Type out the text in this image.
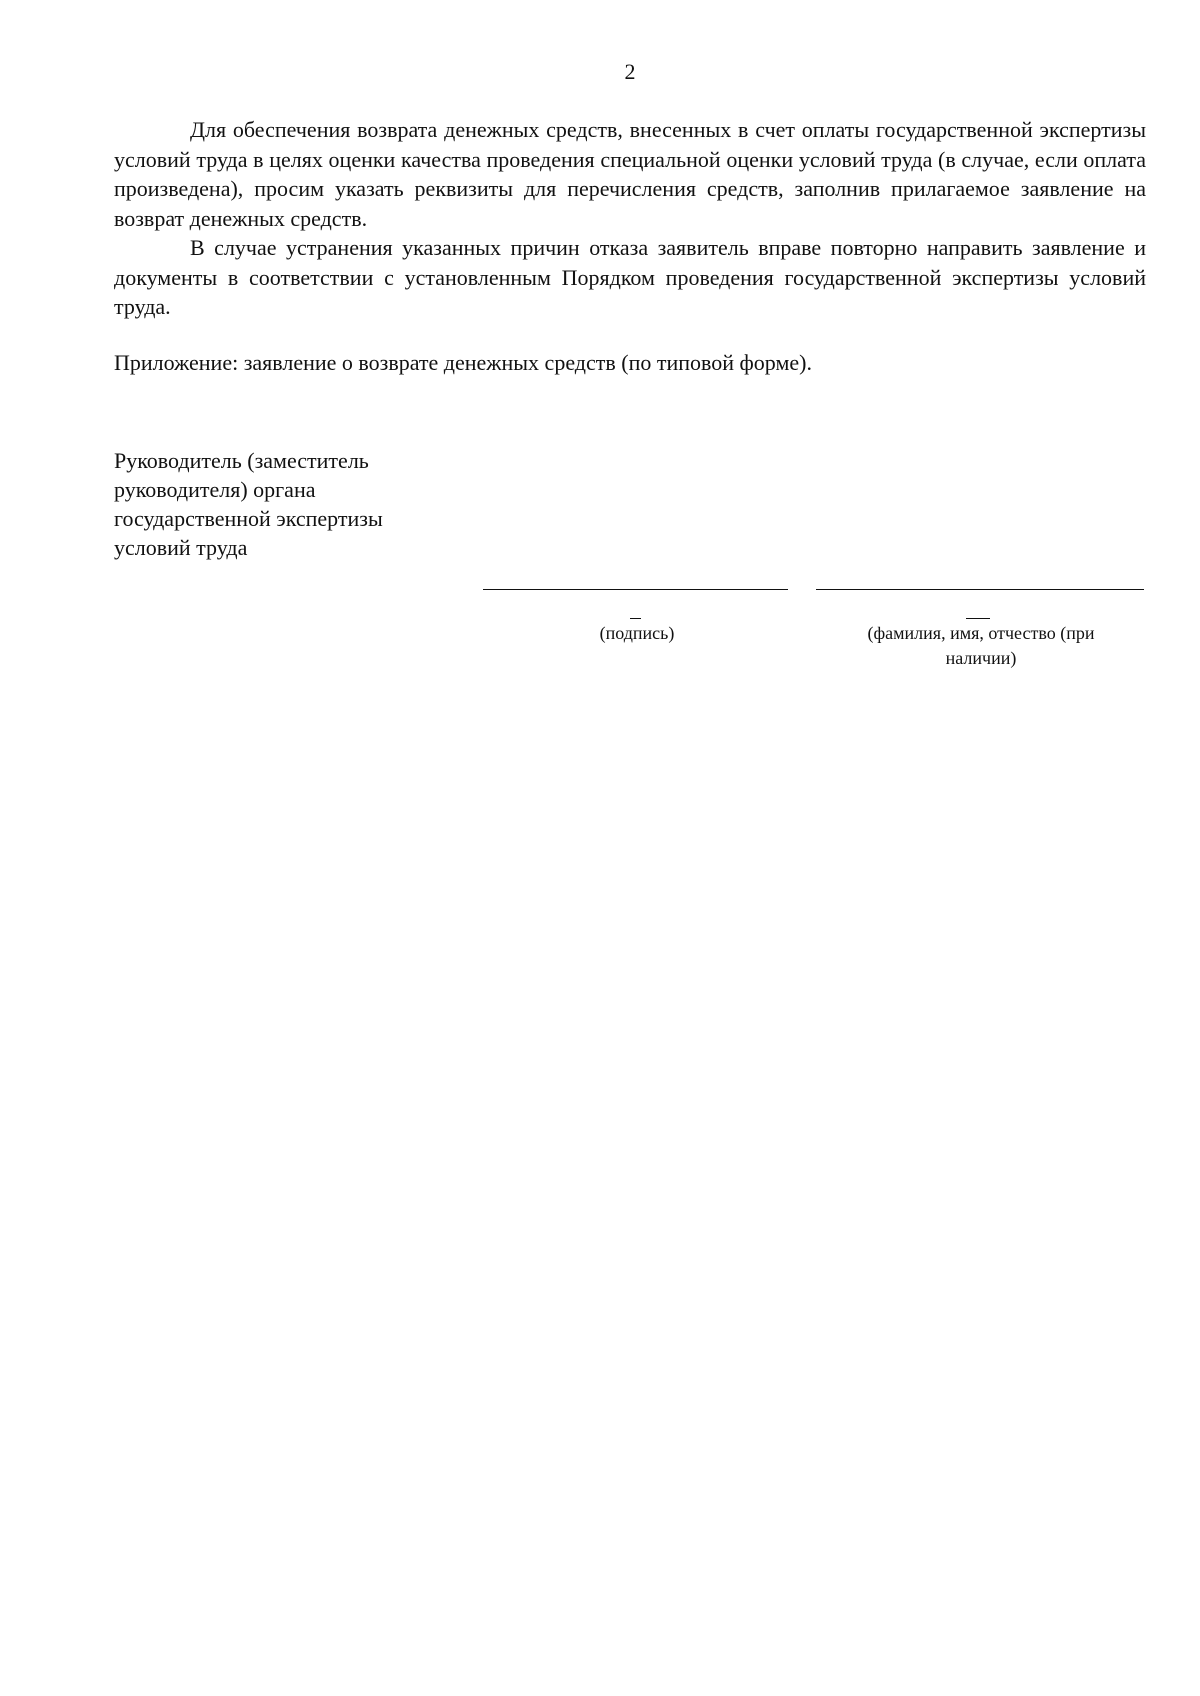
2

Для обеспечения возврата денежных средств, внесенных в счет оплаты государственной экспертизы условий труда в целях оценки качества проведения специальной оценки условий труда (в случае, если оплата произведена), просим указать реквизиты для перечисления средств, заполнив прилагаемое заявление на возврат денежных средств.

В случае устранения указанных причин отказа заявитель вправе повторно направить заявление и документы в соответствии с установленным Порядком проведения государственной экспертизы условий труда.

Приложение: заявление о возврате денежных средств (по типовой форме).

Руководитель (заместитель
руководителя) органа
государственной экспертизы
условий труда
(подпись)	(фамилия, имя, отчество (при наличии)
